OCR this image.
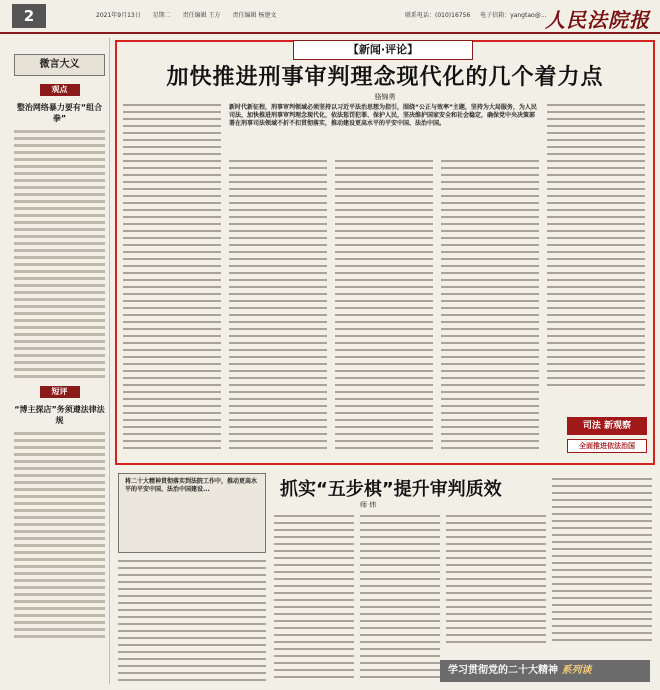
2	2021年9月13日 星期二 责任编辑 王方 责任编辑 杨建文	联系电话：(010)16756 电子信箱：yangtao@...
人民法院报
微言大义
观点
整治网络暴力要有“组合拳”
短评
“博主探店”务须遵法律法规
【新闻·评论】
加快推进刑事审判理念现代化的几个着力点
骆锦勇
新时代新征程，刑事审判领域必须坚持以习近平法治思想为指引，围绕“公正与效率”主题，坚持为大局服务，为人民司法，加快推进刑事审判理念现代化，依法惩罚犯罪、保护人民，坚决维护国家安全和社会稳定，确保党中央决策部署在刑事司法领域不折不扣贯彻落实，推动建设更高水平的平安中国、法治中国。
司法 新观察
全面推进依法治国
将二十大精神贯彻落实到法院工作中，推动更高水平的平安中国、法治中国建设...	抓实“五步棋”提升审判质效
师 炜
学习贯彻党的二十大精神 系列谈
